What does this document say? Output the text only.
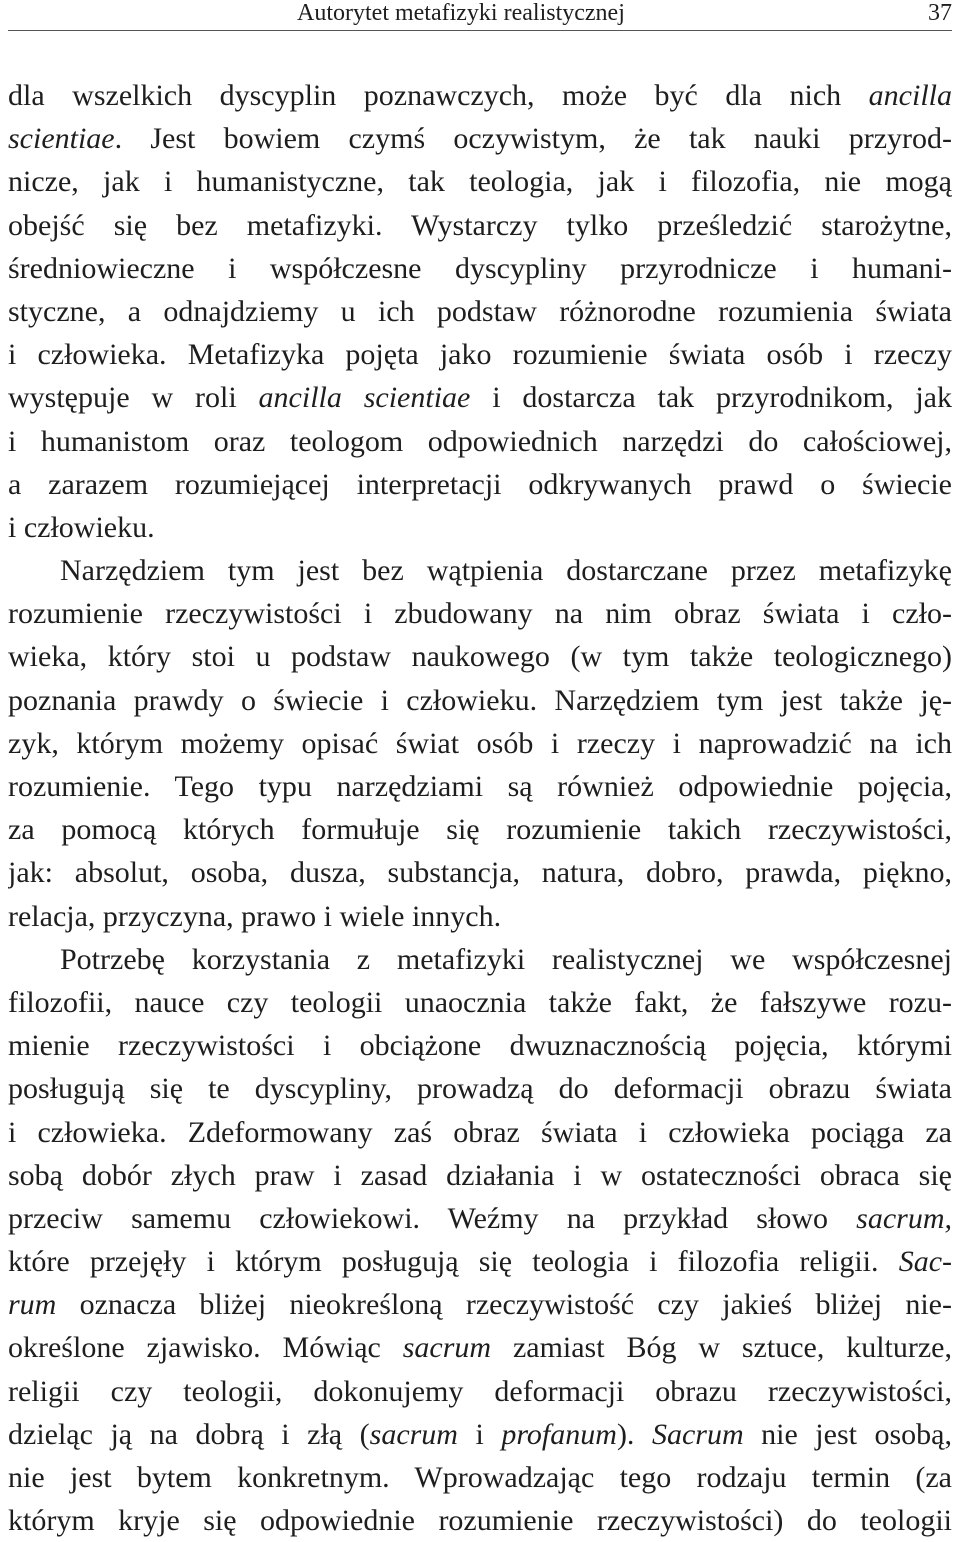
Autorytet metafizyki realistycznej	37
dla wszelkich dyscyplin poznawczych, może być dla nich ancilla
scientiae. Jest bowiem czymś oczywistym, że tak nauki przyrod-
nicze, jak i humanistyczne, tak teologia, jak i filozofia, nie mogą
obejść się bez metafizyki. Wystarczy tylko prześledzić starożytne,
średniowieczne i współczesne dyscypliny przyrodnicze i humani-
styczne, a odnajdziemy u ich podstaw różnorodne rozumienia świata
i człowieka. Metafizyka pojęta jako rozumienie świata osób i rzeczy
występuje w roli ancilla scientiae i dostarcza tak przyrodnikom, jak
i humanistom oraz teologom odpowiednich narzędzi do całościowej,
a zarazem rozumiejącej interpretacji odkrywanych prawd o świecie
i człowieku.
Narzędziem tym jest bez wątpienia dostarczane przez metafizykę
rozumienie rzeczywistości i zbudowany na nim obraz świata i czło-
wieka, który stoi u podstaw naukowego (w tym także teologicznego)
poznania prawdy o świecie i człowieku. Narzędziem tym jest także ję-
zyk, którym możemy opisać świat osób i rzeczy i naprowadzić na ich
rozumienie. Tego typu narzędziami są również odpowiednie pojęcia,
za pomocą których formułuje się rozumienie takich rzeczywistości,
jak: absolut, osoba, dusza, substancja, natura, dobro, prawda, piękno,
relacja, przyczyna, prawo i wiele innych.
Potrzebę korzystania z metafizyki realistycznej we współczesnej
filozofii, nauce czy teologii unaocznia także fakt, że fałszywe rozu-
mienie rzeczywistości i obciążone dwuznacznością pojęcia, którymi
posługują się te dyscypliny, prowadzą do deformacji obrazu świata
i człowieka. Zdeformowany zaś obraz świata i człowieka pociąga za
sobą dobór złych praw i zasad działania i w ostateczności obraca się
przeciw samemu człowiekowi. Weźmy na przykład słowo sacrum,
które przejęły i którym posługują się teologia i filozofia religii. Sac-
rum oznacza bliżej nieokreśloną rzeczywistość czy jakieś bliżej nie-
określone zjawisko. Mówiąc sacrum zamiast Bóg w sztuce, kulturze,
religii czy teologii, dokonujemy deformacji obrazu rzeczywistości,
dzieląc ją na dobrą i złą (sacrum i profanum). Sacrum nie jest osobą,
nie jest bytem konkretnym. Wprowadzając tego rodzaju termin (za
którym kryje się odpowiednie rozumienie rzeczywistości) do teologii
